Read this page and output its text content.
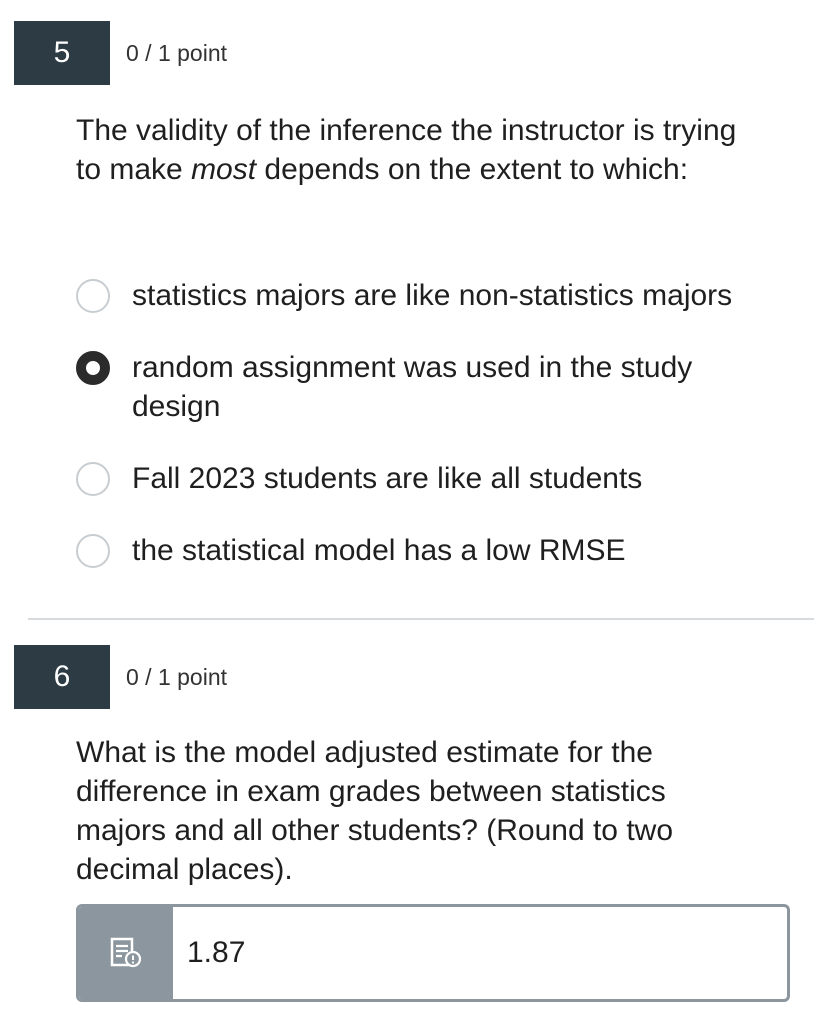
5	0 / 1 point
The validity of the inference the instructor is trying to make most depends on the extent to which:
statistics majors are like non-statistics majors
random assignment was used in the study design
Fall 2023 students are like all students
the statistical model has a low RMSE
6	0 / 1 point
What is the model adjusted estimate for the difference in exam grades between statistics majors and all other students? (Round to two decimal places).
1.87
